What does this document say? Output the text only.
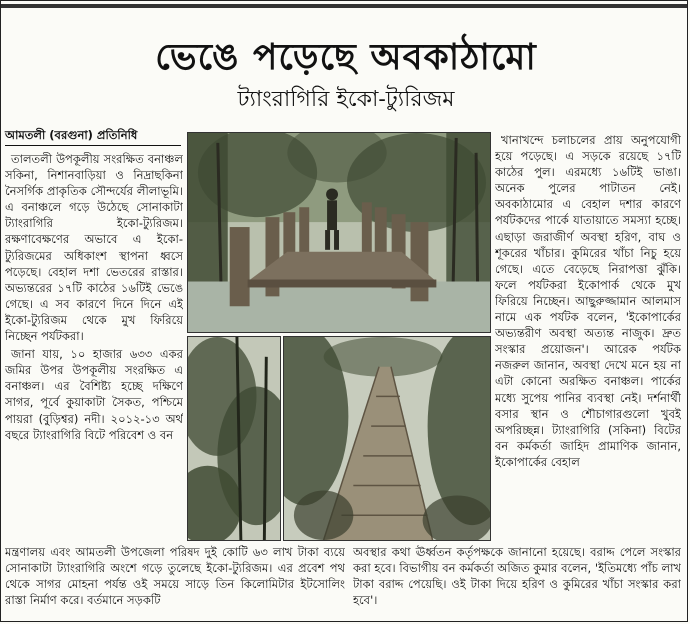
ভেঙে পড়েছে অবকাঠামো
ট্যাংরাগিরি ইকো-ট্যুরিজম
আমতলী (বরগুনা) প্রতিনিধি

তালতলী উপকূলীয় সংরক্ষিত বনাঞ্চল সকিনা, নিশানবাড়িয়া ও নিদ্রাছকিনা নৈসর্গিক প্রাকৃতিক সৌন্দর্যের লীলাভূমি। এ বনাঞ্চলে গড়ে উঠেছে সোনাকাটা ট্যাংরাগিরি ইকো-ট্যুরিজম। রক্ষণাবেক্ষণের অভাবে এ ইকো-ট্যুরিজমের অধিকাংশ স্থাপনা ধ্বসে পড়েছে। বেহাল দশা ভেতরের রাস্তার। অভ্যন্তরের ১৭টি কাঠের ১৬টিই ভেঙে গেছে। এ সব কারণে দিনে দিনে এই ইকো-ট্যুরিজম থেকে মুখ ফিরিয়ে নিচ্ছেন পর্যটকরা।

জানা যায়, ১০ হাজার ৬৩৩ একর জমির উপর উপকূলীয় সংরক্ষিত এ বনাঞ্চল। এর বৈশিষ্ট্য হচ্ছে দক্ষিণে সাগর, পূর্বে কুয়াকাটা সৈকত, পশ্চিমে পায়রা (বুড়িশ্বর) নদী। ২০১২-১৩ অর্থ বছরে ট্যাংরাগিরি বিটে পরিবেশ ও বন

খানাখন্দে চলাচলের প্রায় অনুপযোগী হয়ে পড়েছে। এ সড়কে রয়েছে ১৭টি কাঠের পুল। এরমধ্যে ১৬টিই ভাঙা। অনেক পুলের পাটাতন নেই। অবকাঠামোর এ বেহাল দশার কারণে পর্যটকদের পার্কে যাতায়াতে সমস্যা হচ্ছে। এছাড়া জরাজীর্ণ অবস্থা হরিণ, বাঘ ও শূকরের খাঁচার। কুমিরের খাঁচা নিচু হয়ে গেছে। এতে বেড়েছে নিরাপত্তা ঝুঁকি। ফলে পর্যটকরা ইকোপার্ক থেকে মুখ ফিরিয়ে নিচ্ছেন। আছুরুজ্জামান আলমাস নামে এক পর্যটক বলেন, 'ইকোপার্কের অভ্যন্তরীণ অবস্থা অত্যন্ত নাজুক। দ্রুত সংস্কার প্রয়োজন'। আরেক পর্যটক নজরুল জানান, অবস্থা দেখে মনে হয় না এটা কোনো অরক্ষিত বনাঞ্চল। পার্কের মধ্যে সুপেয় পানির ব্যবস্থা নেই। দর্শনার্থী বসার স্থান ও শৌচাগারগুলো খুবই অপরিচ্ছন্ন। ট্যাংরাগিরি (সকিনা) বিটের বন কর্মকর্তা জাহিদ প্রামাণিক জানান, ইকোপার্কের বেহাল

মন্ত্রণালয় এবং আমতলী উপজেলা পরিষদ দুই কোটি ৬৩ লাখ টাকা ব্যয়ে সোনাকাটা ট্যাংরাগিরি অংশে গড়ে তুলেছে ইকো-ট্যুরিজম। এর প্রবেশ পথ থেকে সাগর মোহনা পর্যন্ত ওই সময়ে সাড়ে তিন কিলোমিটার ইটসোলিং রাস্তা নির্মাণ করে। বর্তমানে সড়কটি

অবস্থার কথা ঊর্ধ্বতন কর্তৃপক্ষকে জানানো হয়েছে। বরাদ্দ পেলে সংস্কার করা হবে। বিভাগীয় বন কর্মকর্তা অজিত কুমার বলেন, 'ইতিমধ্যে পাঁচ লাখ টাকা বরাদ্দ পেয়েছি। ওই টাকা দিয়ে হরিণ ও কুমিরের খাঁচা সংস্কার করা হবে'।
